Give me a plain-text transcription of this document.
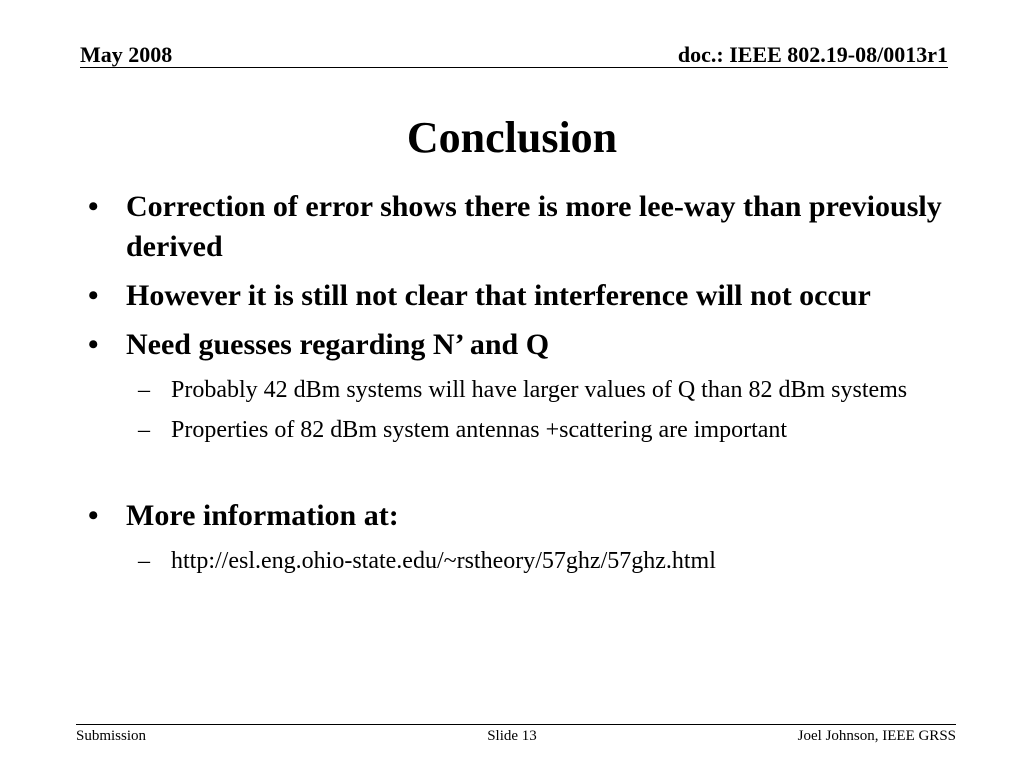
May 2008	doc.: IEEE 802.19-08/0013r1
Conclusion
• Correction of error shows there is more lee-way than previously derived
• However it is still not clear that interference will not occur
• Need guesses regarding N’ and Q
– Probably 42 dBm systems will have larger values of Q than 82 dBm systems
– Properties of 82 dBm system antennas +scattering are important
• More information at:
– http://esl.eng.ohio-state.edu/~rstheory/57ghz/57ghz.html
Submission	Slide 13	Joel Johnson, IEEE GRSS
